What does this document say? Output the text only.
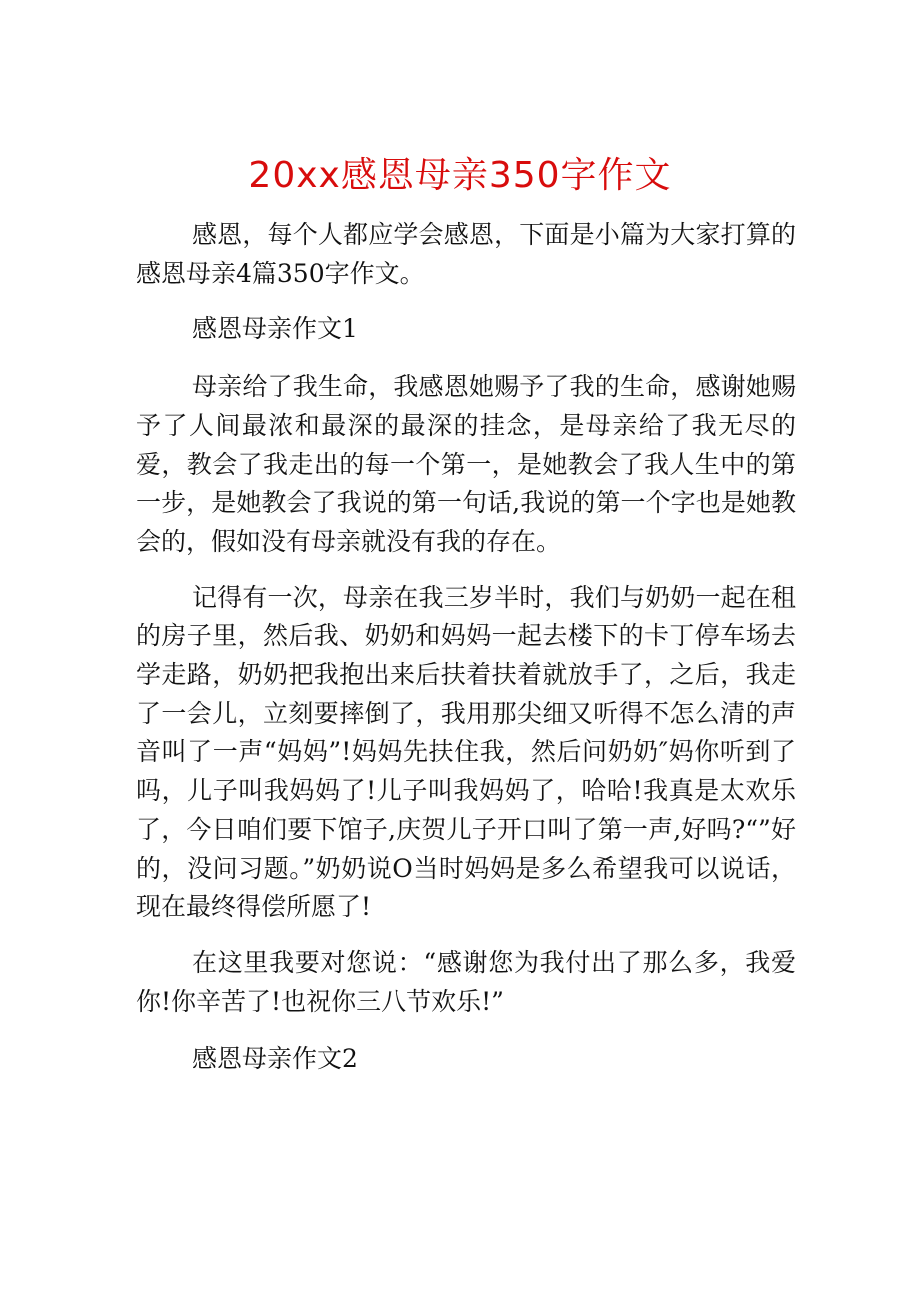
20xx感恩母亲350字作文

感恩，每个人都应学会感恩，下面是小篇为大家打算的感恩母亲4篇350字作文。

感恩母亲作文1

母亲给了我生命，我感恩她赐予了我的生命，感谢她赐予了人间最浓和最深的最深的挂念，是母亲给了我无尽的爱，教会了我走出的每一个第一，是她教会了我人生中的第一步，是她教会了我说的第一句话,我说的第一个字也是她教会的，假如没有母亲就没有我的存在。

记得有一次，母亲在我三岁半时，我们与奶奶一起在租的房子里，然后我、奶奶和妈妈一起去楼下的卡丁停车场去学走路，奶奶把我抱出来后扶着扶着就放手了，之后，我走了一会儿，立刻要摔倒了，我用那尖细又听得不怎么清的声音叫了一声“妈妈”!妈妈先扶住我，然后问奶奶″妈你听到了吗，儿子叫我妈妈了!儿子叫我妈妈了，哈哈!我真是太欢乐了，今日咱们要下馆子,庆贺儿子开口叫了第一声,好吗?“”好的，没问习题。”奶奶说O当时妈妈是多么希望我可以说话，现在最终得偿所愿了!

在这里我要对您说：“感谢您为我付出了那么多，我爱你!你辛苦了!也祝你三八节欢乐!”

感恩母亲作文2
